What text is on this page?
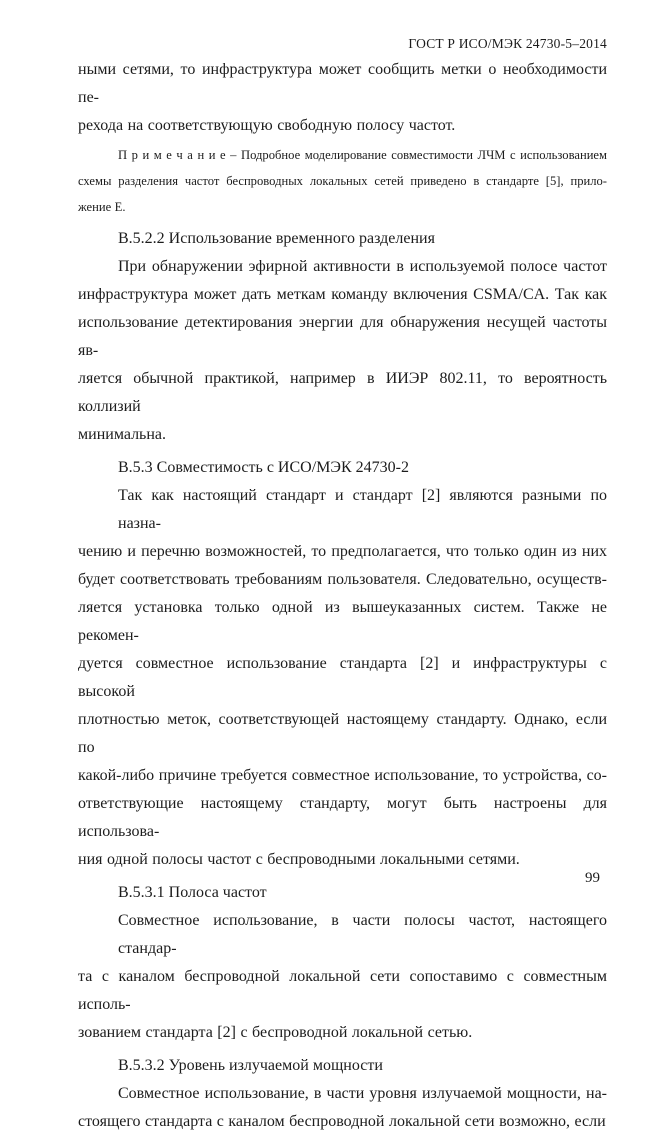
ГОСТ Р ИСО/МЭК 24730-5–2014
ными сетями, то инфраструктура может сообщить метки о необходимости пе-
рехода на соответствующую свободную полосу частот.
П р и м е ч а н и е – Подробное моделирование совместимости ЛЧМ с использованием
схемы разделения частот беспроводных локальных сетей приведено в стандарте [5], прило-
жение Е.
В.5.2.2 Использование временного разделения
При обнаружении эфирной активности в используемой полосе частот
инфраструктура может дать меткам команду включения CSMA/CA. Так как
использование детектирования энергии для обнаружения несущей частоты яв-
ляется обычной практикой, например в ИИЭР 802.11, то вероятность коллизий
минимальна.
В.5.3 Совместимость с ИСО/МЭК 24730-2
Так как настоящий стандарт и стандарт [2] являются разными по назна-
чению и перечню возможностей, то предполагается, что только один из них
будет соответствовать требованиям пользователя. Следовательно, осуществ-
ляется установка только одной из вышеуказанных систем. Также не рекомен-
дуется совместное использование стандарта [2] и инфраструктуры с высокой
плотностью меток, соответствующей настоящему стандарту. Однако, если по
какой-либо причине требуется совместное использование, то устройства, со-
ответствующие настоящему стандарту, могут быть настроены для использова-
ния одной полосы частот с беспроводными локальными сетями.
В.5.3.1 Полоса частот
Совместное использование, в части полосы частот, настоящего стандар-
та с каналом беспроводной локальной сети сопоставимо с совместным исполь-
зованием стандарта [2] с беспроводной локальной сетью.
В.5.3.2 Уровень излучаемой мощности
Совместное использование, в части уровня излучаемой мощности, на-
стоящего стандарта с каналом беспроводной локальной сети возможно, если
99
